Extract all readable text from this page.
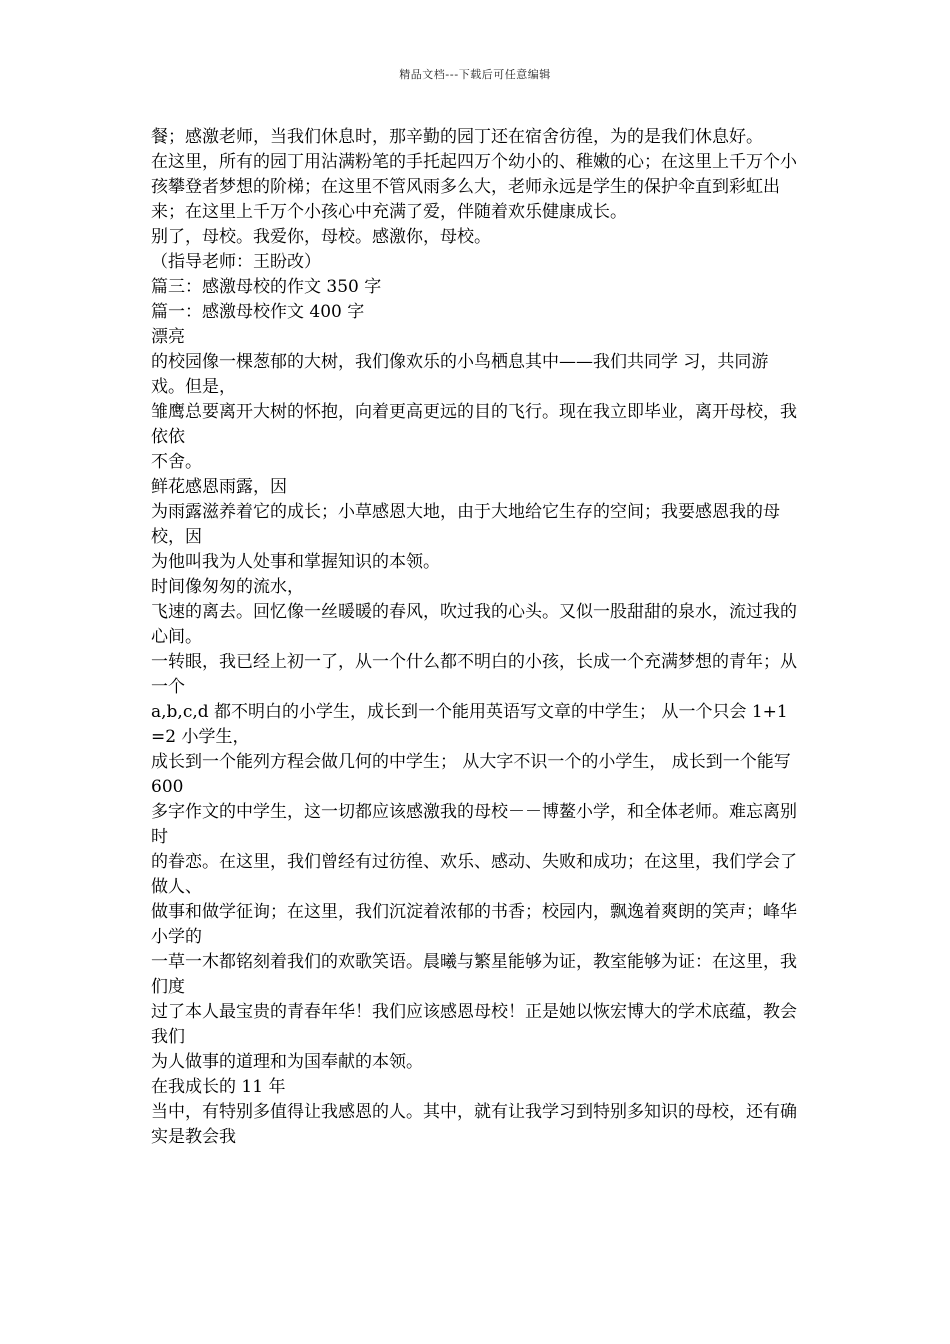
精品文档---下载后可任意编辑

餐；感激老师，当我们休息时，那辛勤的园丁还在宿舍彷徨，为的是我们休息好。

在这里，所有的园丁用沾满粉笔的手托起四万个幼小的、稚嫩的心；在这里上千万个小孩攀登者梦想的阶梯；在这里不管风雨多么大，老师永远是学生的保护伞直到彩虹出来；在这里上千万个小孩心中充满了爱，伴随着欢乐健康成长。

别了，母校。我爱你，母校。感激你，母校。

（指导老师：王盼改）

篇三：感激母校的作文 350 字

篇一：感激母校作文 400 字

漂亮

的校园像一棵葱郁的大树，我们像欢乐的小鸟栖息其中——我们共同学 习，共同游戏。但是，

雏鹰总要离开大树的怀抱，向着更高更远的目的飞行。现在我立即毕业，离开母校，我依依

不舍。

鲜花感恩雨露，因

为雨露滋养着它的成长；小草感恩大地，由于大地给它生存的空间；我要感恩我的母校，因

为他叫我为人处事和掌握知识的本领。

时间像匆匆的流水，

飞速的离去。回忆像一丝暖暖的春风，吹过我的心头。又似一股甜甜的泉水，流过我的心间。

一转眼，我已经上初一了，从一个什么都不明白的小孩，长成一个充满梦想的青年；从一个

a,b,c,d 都不明白的小学生，成长到一个能用英语写文章的中学生； 从一个只会 1+1=2 小学生，

成长到一个能列方程会做几何的中学生； 从大字不识一个的小学生， 成长到一个能写 600

多字作文的中学生，这一切都应该感激我的母校－－博鳌小学，和全体老师。难忘离别时

的眷恋。在这里，我们曾经有过彷徨、欢乐、感动、失败和成功；在这里，我们学会了做人、

做事和做学征询；在这里，我们沉淀着浓郁的书香；校园内，飘逸着爽朗的笑声；峰华小学的

一草一木都铭刻着我们的欢歌笑语。晨曦与繁星能够为证，教室能够为证：在这里，我们度

过了本人最宝贵的青春年华！我们应该感恩母校！正是她以恢宏博大的学术底蕴，教会我们

为人做事的道理和为国奉献的本领。

在我成长的 11 年

当中，有特别多值得让我感恩的人。其中，就有让我学习到特别多知识的母校，还有确实是教会我
